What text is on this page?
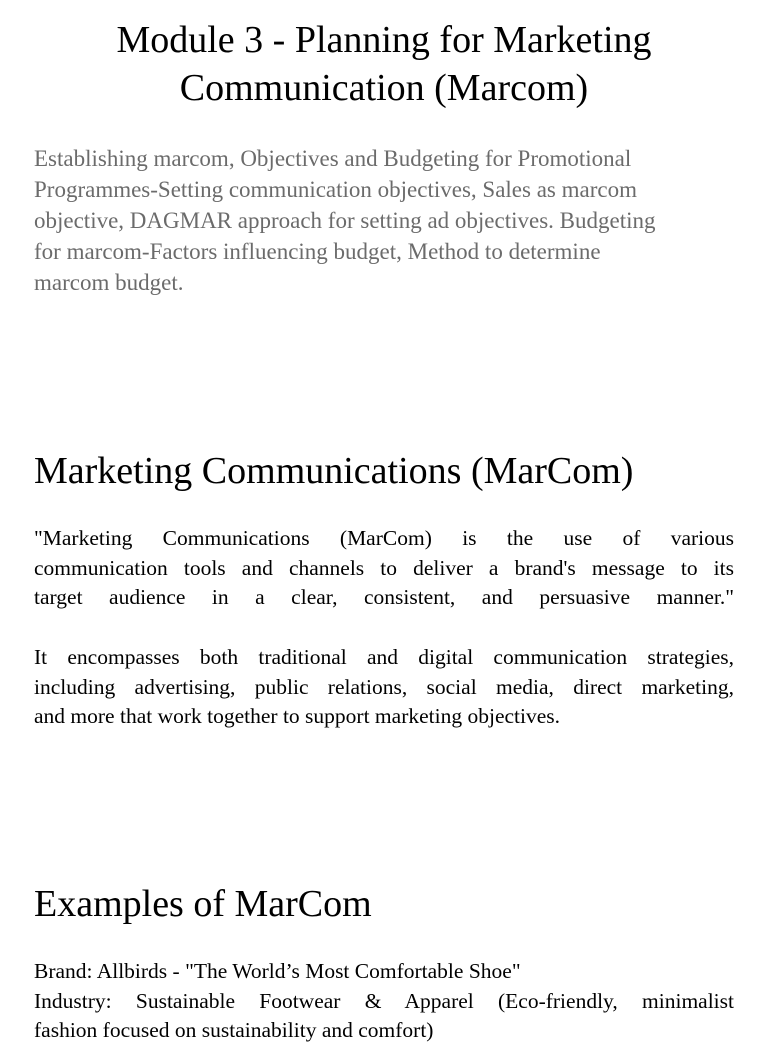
Module 3 - Planning for Marketing
Communication (Marcom)

Establishing marcom, Objectives and Budgeting for Promotional
Programmes-Setting communication objectives, Sales as marcom
objective, DAGMAR approach for setting ad objectives. Budgeting
for marcom-Factors influencing budget, Method to determine
marcom budget.

Marketing Communications (MarCom)

"Marketing Communications (MarCom) is the use of various
communication tools and channels to deliver a brand's message to its
target audience in a clear, consistent, and persuasive manner."

It encompasses both traditional and digital communication strategies,
including advertising, public relations, social media, direct marketing,
and more that work together to support marketing objectives.

Examples of MarCom

Brand: Allbirds - "The World’s Most Comfortable Shoe"
Industry: Sustainable Footwear & Apparel (Eco-friendly, minimalist
fashion focused on sustainability and comfort)
